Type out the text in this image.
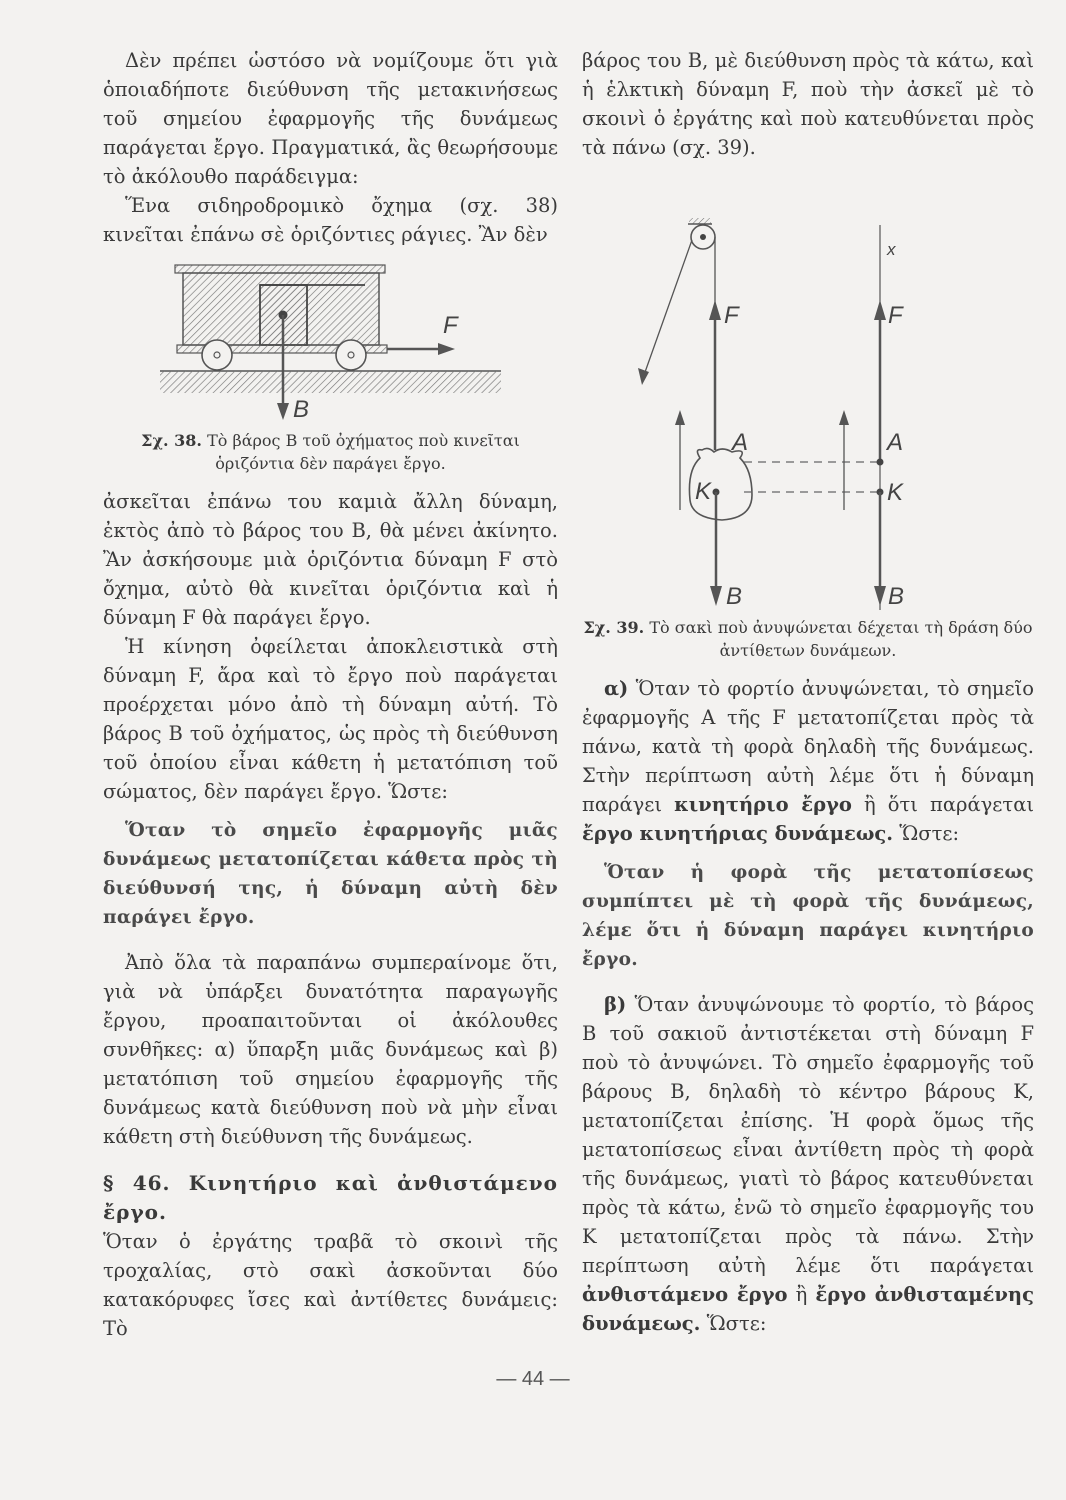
Δὲν πρέπει ὡστόσο νὰ νομίζουμε ὅτι γιὰ ὁποιαδήποτε διεύθυνση τῆς μετακινήσεως τοῦ σημείου ἐφαρμογῆς τῆς δυνάμεως παράγεται ἔργο. Πραγματικά, ἂς θεωρήσουμε τὸ ἀκόλουθο παράδειγμα:

Ἕνα σιδηροδρομικὸ ὄχημα (σχ. 38) κινεῖται ἐπάνω σὲ ὁριζόντιες ράγιες. Ἂν δὲν

F
B
Σχ. 38. Τὸ βάρος Β τοῦ ὀχήματος ποὺ κινεῖται ὁριζόντια δὲν παράγει ἔργο.

ἀσκεῖται ἐπάνω του καμιὰ ἄλλη δύναμη, ἐκτὸς ἀπὸ τὸ βάρος του Β, θὰ μένει ἀκίνητο. Ἂν ἀσκήσουμε μιὰ ὁριζόντια δύναμη F στὸ ὄχημα, αὐτὸ θὰ κινεῖται ὁριζόντια καὶ ἡ δύναμη F θὰ παράγει ἔργο.

Ἡ κίνηση ὀφείλεται ἀποκλειστικὰ στὴ δύναμη F, ἄρα καὶ τὸ ἔργο ποὺ παράγεται προέρχεται μόνο ἀπὸ τὴ δύναμη αὐτή. Τὸ βάρος Β τοῦ ὀχήματος, ὡς πρὸς τὴ διεύθυνση τοῦ ὁποίου εἶναι κάθετη ἡ μετατόπιση τοῦ σώματος, δὲν παράγει ἔργο. Ὥστε:

Ὅταν τὸ σημεῖο ἐφαρμογῆς μιᾶς δυνάμεως μετατοπίζεται κάθετα πρὸς τὴ διεύθυνσή της, ἡ δύναμη αὐτὴ δὲν παράγει ἔργο.

Ἀπὸ ὅλα τὰ παραπάνω συμπεραίνομε ὅτι, γιὰ νὰ ὑπάρξει δυνατότητα παραγωγῆς ἔργου, προαπαιτοῦνται οἱ ἀκόλουθες συνθῆκες: α) ὕπαρξη μιᾶς δυνάμεως καὶ β) μετατόπιση τοῦ σημείου ἐφαρμογῆς τῆς δυνάμεως κατὰ διεύθυνση ποὺ νὰ μὴν εἶναι κάθετη στὴ διεύθυνση τῆς δυνάμεως.

§ 46. Κινητήριο καὶ ἀνθιστάμενο ἔργο.

Ὅταν ὁ ἐργάτης τραβᾶ τὸ σκοινὶ τῆς τροχαλίας, στὸ σακὶ ἀσκοῦνται δύο κατακόρυφες ἴσες καὶ ἀντίθετες δυνάμεις: Τὸ

βάρος του Β, μὲ διεύθυνση πρὸς τὰ κάτω, καὶ ἡ ἑλκτικὴ δύναμη F, ποὺ τὴν ἀσκεῖ μὲ τὸ σκοινὶ ὁ ἐργάτης καὶ ποὺ κατευθύνεται πρὸς τὰ πάνω (σχ. 39).

F
A
K
B
x
F
A
K
B
Σχ. 39. Τὸ σακὶ ποὺ ἀνυψώνεται δέχεται τὴ δράση δύο ἀντίθετων δυνάμεων.

α) Ὅταν τὸ φορτίο ἀνυψώνεται, τὸ σημεῖο ἐφαρμογῆς Α τῆς F μετατοπίζεται πρὸς τὰ πάνω, κατὰ τὴ φορὰ δηλαδὴ τῆς δυνάμεως. Στὴν περίπτωση αὐτὴ λέμε ὅτι ἡ δύναμη παράγει κινητήριο ἔργο ἢ ὅτι παράγεται ἔργο κινητήριας δυνάμεως. Ὥστε:

Ὅταν ἡ φορὰ τῆς μετατοπίσεως συμπίπτει μὲ τὴ φορὰ τῆς δυνάμεως, λέμε ὅτι ἡ δύναμη παράγει κινητήριο ἔργο.

β) Ὅταν ἀνυψώνουμε τὸ φορτίο, τὸ βάρος Β τοῦ σακιοῦ ἀντιστέκεται στὴ δύναμη F ποὺ τὸ ἀνυψώνει. Τὸ σημεῖο ἐφαρμογῆς τοῦ βάρους Β, δηλαδὴ τὸ κέντρο βάρους Κ, μετατοπίζεται ἐπίσης. Ἡ φορὰ ὅμως τῆς μετατοπίσεως εἶναι ἀντίθετη πρὸς τὴ φορὰ τῆς δυνάμεως, γιατὶ τὸ βάρος κατευθύνεται πρὸς τὰ κάτω, ἐνῶ τὸ σημεῖο ἐφαρμογῆς του Κ μετατοπίζεται πρὸς τὰ πάνω. Στὴν περίπτωση αὐτὴ λέμε ὅτι παράγεται ἀνθιστάμενο ἔργο ἢ ἔργο ἀνθισταμένης δυνάμεως. Ὥστε:

— 44 —
